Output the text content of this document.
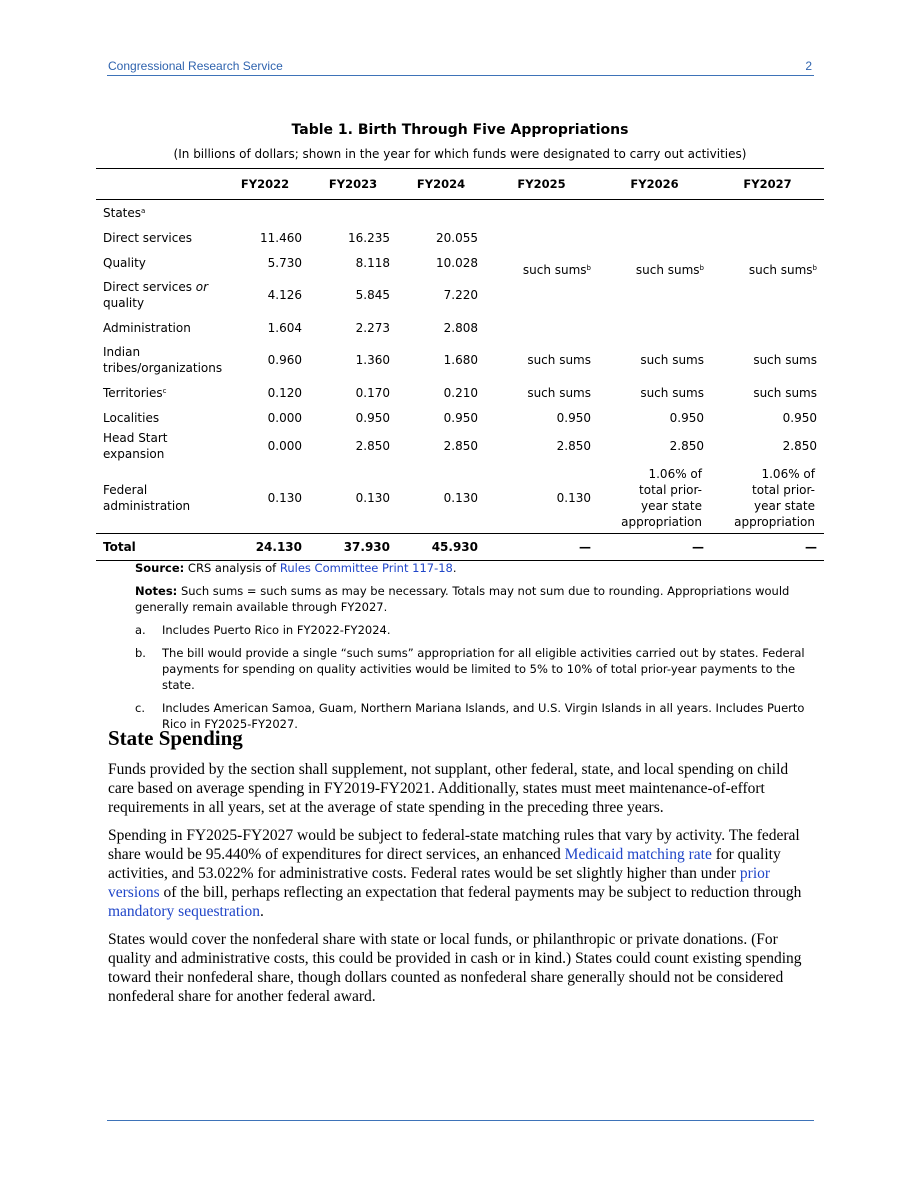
Congressional Research Service	2
Table 1. Birth Through Five Appropriations
(In billions of dollars; shown in the year for which funds were designated to carry out activities)
	FY2022	FY2023	FY2024	FY2025	FY2026	FY2027
States$^a$				such sums$^b$	such sums$^b$	such sums$^b$
Direct services	11.460	16.235	20.055			
Quality	5.730	8.118	10.028			
Direct services or quality	4.126	5.845	7.220			
Administration	1.604	2.273	2.808			
Indian tribes/organizations	0.960	1.360	1.680	such sums	such sums	such sums
Territories$^c$	0.120	0.170	0.210	such sums	such sums	such sums
Localities	0.000	0.950	0.950	0.950	0.950	0.950
Head Start expansion	0.000	2.850	2.850	2.850	2.850	2.850
Federal administration	0.130	0.130	0.130	0.130	1.06% of total prior-year state appropriation	1.06% of total prior-year state appropriation
Total	24.130	37.930	45.930	—	—	—

Source: CRS analysis of Rules Committee Print 117-18.

Notes: Such sums = such sums as may be necessary. Totals may not sum due to rounding. Appropriations would generally remain available through FY2027.

a. Includes Puerto Rico in FY2022-FY2024.
b. The bill would provide a single “such sums” appropriation for all eligible activities carried out by states. Federal payments for spending on quality activities would be limited to 5% to 10% of total prior-year payments to the state.
c. Includes American Samoa, Guam, Northern Mariana Islands, and U.S. Virgin Islands in all years. Includes Puerto Rico in FY2025-FY2027.
State Spending

Funds provided by the section shall supplement, not supplant, other federal, state, and local spending on child care based on average spending in FY2019-FY2021. Additionally, states must meet maintenance-of-effort requirements in all years, set at the average of state spending in the preceding three years.

Spending in FY2025-FY2027 would be subject to federal-state matching rules that vary by activity. The federal share would be 95.440% of expenditures for direct services, an enhanced Medicaid matching rate for quality activities, and 53.022% for administrative costs. Federal rates would be set slightly higher than under prior versions of the bill, perhaps reflecting an expectation that federal payments may be subject to reduction through mandatory sequestration.

States would cover the nonfederal share with state or local funds, or philanthropic or private donations. (For quality and administrative costs, this could be provided in cash or in kind.) States could count existing spending toward their nonfederal share, though dollars counted as nonfederal share generally should not be considered nonfederal share for another federal award.
